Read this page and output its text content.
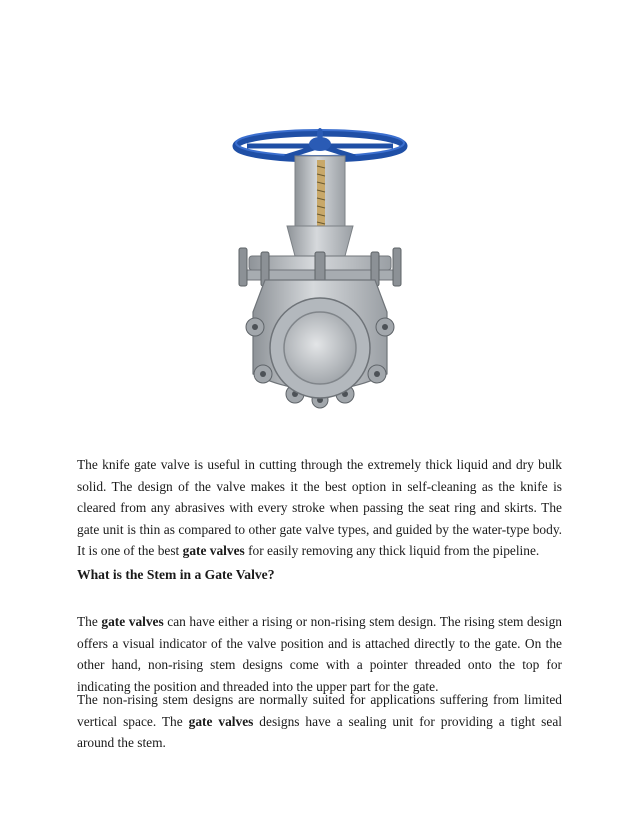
The knife gate valve is useful in cutting through the extremely thick liquid and dry bulk solid. The design of the valve makes it the best option in self-cleaning as the knife is cleared from any abrasives with every stroke when passing the seat ring and skirts. The gate unit is thin as compared to other gate valve types, and guided by the water-type body. It is one of the best gate valves for easily removing any thick liquid from the pipeline.

What is the Stem in a Gate Valve?

The gate valves can have either a rising or non-rising stem design. The rising stem design offers a visual indicator of the valve position and is attached directly to the gate. On the other hand, non-rising stem designs come with a pointer threaded onto the top for indicating the position and threaded into the upper part for the gate.

The non-rising stem designs are normally suited for applications suffering from limited vertical space. The gate valves designs have a sealing unit for providing a tight seal around the stem.
